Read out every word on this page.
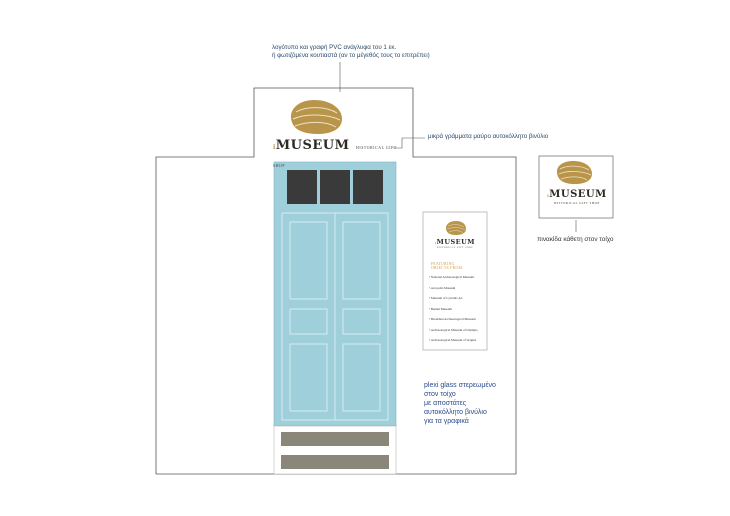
λογότυπο και γραφή PVC ανάγλυφα του 1 εκ.
ή φωτιζόμενα κουτιαστά (αν το μέγεθός τους το επιτρέπει)
μικρά γράμματα μαύρο αυτοκόλλητο βινύλιο
iMUSEUM HISTORICAL GIFT SHOP
iMUSEUM
HISTORICAL GIFT SHOP
πινακίδα κάθετη στον τοίχο
iMUSEUM
HISTORICAL GIFT SHOP
FEATURING
OBJECTS FROM:
• National Archaeological Museum
• Acropolis Museum
• Museum of Cycladic Art
• Benaki Museum
• Heraklion Archaeological Museum
• Archaeological Museum of Olympia
• Archaeological Museum of Vergina
plexi glass στερεωμένο
στον τοίχο
με αποστάτες
αυτοκόλλητο βινύλιο
για τα γραφικά
